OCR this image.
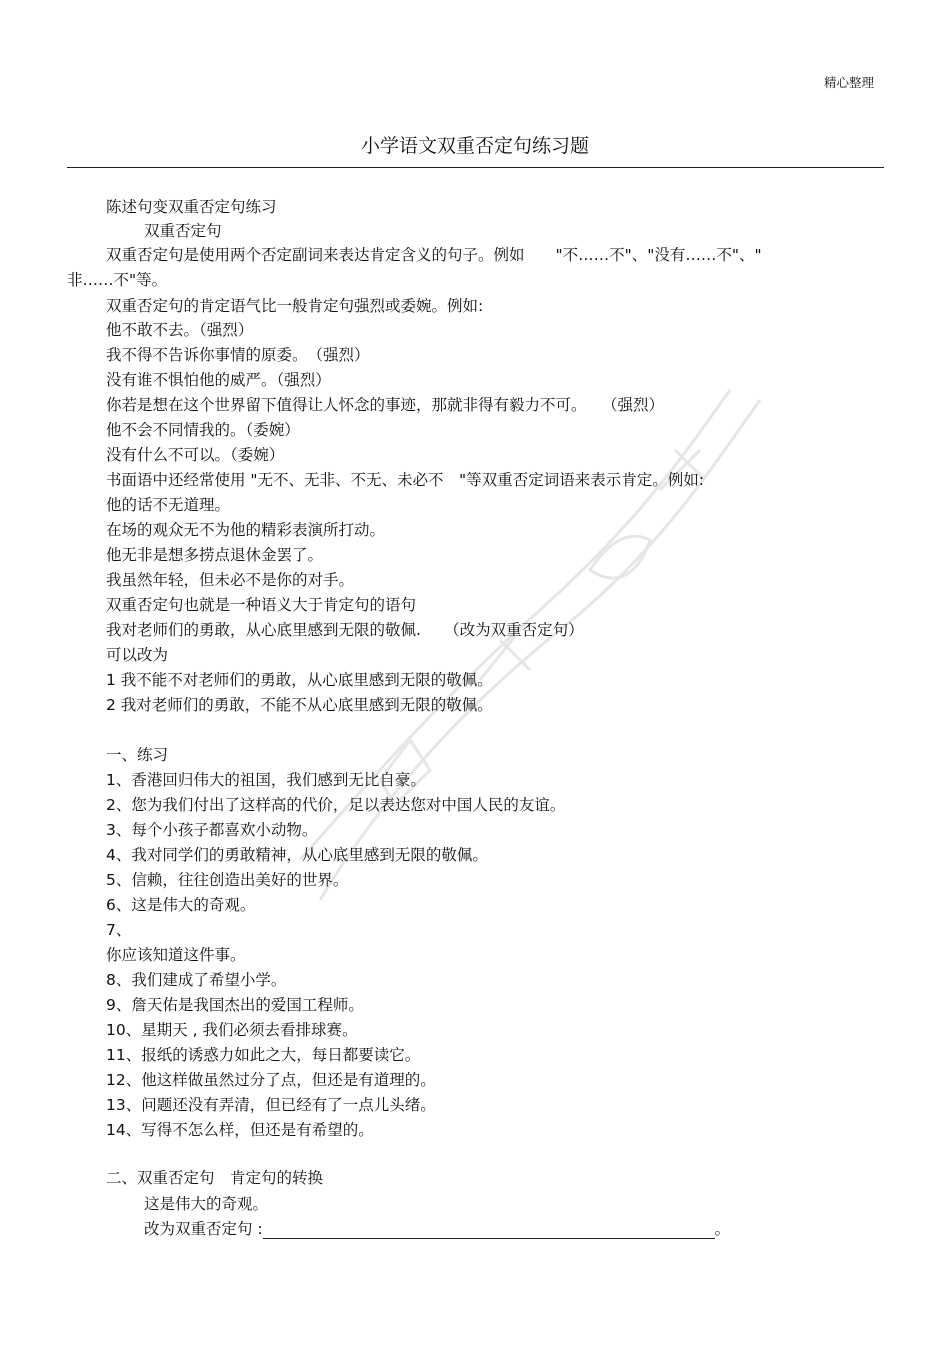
精心整理
小学语文双重否定句练习题
陈述句变双重否定句练习
双重否定句
双重否定句是使用两个否定副词来表达肯定含义的句子。例如　　"不……不"、"没有……不"、"
非……不"等。
双重否定句的肯定语气比一般肯定句强烈或委婉。例如:
他不敢不去。（强烈）
我不得不告诉你事情的原委。　（强烈）
没有谁不惧怕他的威严。（强烈）
你若是想在这个世界留下值得让人怀念的事迹，那就非得有毅力不可。　　（强烈）
他不会不同情我的。（委婉）
没有什么不可以。（委婉）
书面语中还经常使用 "无不、无非、不无、未必不　"等双重否定词语来表示肯定。例如:
他的话不无道理。
在场的观众无不为他的精彩表演所打动。
他无非是想多捞点退休金罢了。
我虽然年轻，但未必不是你的对手。
双重否定句也就是一种语义大于肯定句的语句
我对老师们的勇敢，从心底里感到无限的敬佩.　　（改为双重否定句）
可以改为
1 我不能不对老师们的勇敢，从心底里感到无限的敬佩。
2 我对老师们的勇敢，不能不从心底里感到无限的敬佩。
一、练习
1、香港回归伟大的祖国，我们感到无比自豪。
2、您为我们付出了这样高的代价，足以表达您对中国人民的友谊。
3、每个小孩子都喜欢小动物。
4、我对同学们的勇敢精神，从心底里感到无限的敬佩。
5、信赖，往往创造出美好的世界。
6、这是伟大的奇观。
7、
你应该知道这件事。
8、我们建成了希望小学。
9、詹天佑是我国杰出的爱国工程师。
10、星期天 , 我们必须去看排球赛。
11、报纸的诱惑力如此之大，每日都要读它。
12、他这样做虽然过分了点，但还是有道理的。
13、问题还没有弄清，但已经有了一点儿头绪。
14、写得不怎么样，但还是有希望的。
二、双重否定句　肯定句的转换
这是伟大的奇观。
改为双重否定句 :	。
